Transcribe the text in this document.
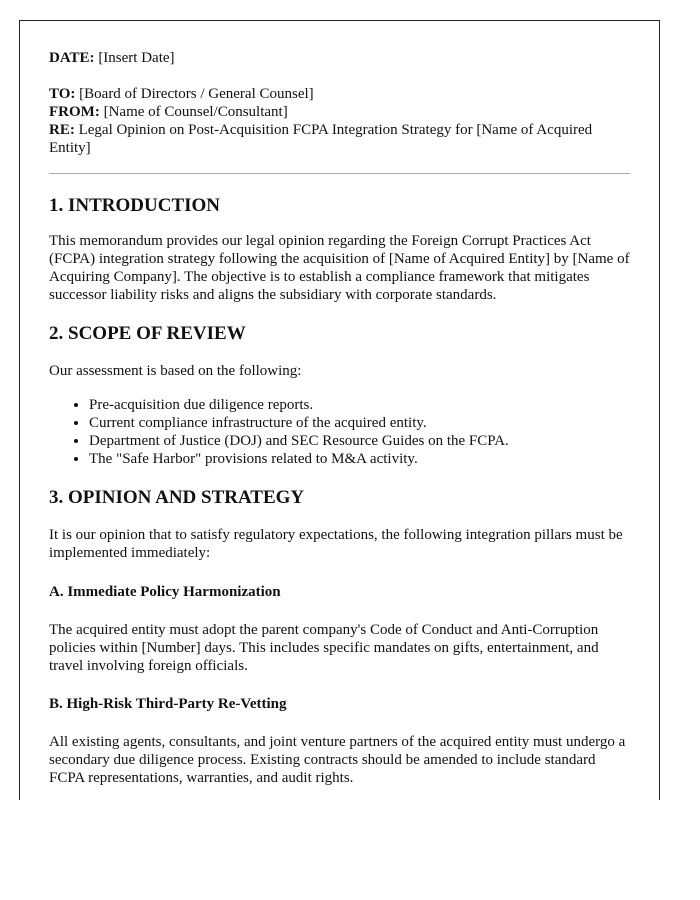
DATE: [Insert Date]

TO: [Board of Directors / General Counsel]

FROM: [Name of Counsel/Consultant]

RE: Legal Opinion on Post-Acquisition FCPA Integration Strategy for [Name of Acquired Entity]

1. INTRODUCTION

This memorandum provides our legal opinion regarding the Foreign Corrupt Practices Act (FCPA) integration strategy following the acquisition of [Name of Acquired Entity] by [Name of Acquiring Company]. The objective is to establish a compliance framework that mitigates successor liability risks and aligns the subsidiary with corporate standards.

2. SCOPE OF REVIEW

Our assessment is based on the following:

• Pre-acquisition due diligence reports.
• Current compliance infrastructure of the acquired entity.
• Department of Justice (DOJ) and SEC Resource Guides on the FCPA.
• The "Safe Harbor" provisions related to M&A activity.
3. OPINION AND STRATEGY

It is our opinion that to satisfy regulatory expectations, the following integration pillars must be implemented immediately:

A. Immediate Policy Harmonization

The acquired entity must adopt the parent company's Code of Conduct and Anti-Corruption policies within [Number] days. This includes specific mandates on gifts, entertainment, and travel involving foreign officials.

B. High-Risk Third-Party Re-Vetting

All existing agents, consultants, and joint venture partners of the acquired entity must undergo a secondary due diligence process. Existing contracts should be amended to include standard FCPA representations, warranties, and audit rights.
